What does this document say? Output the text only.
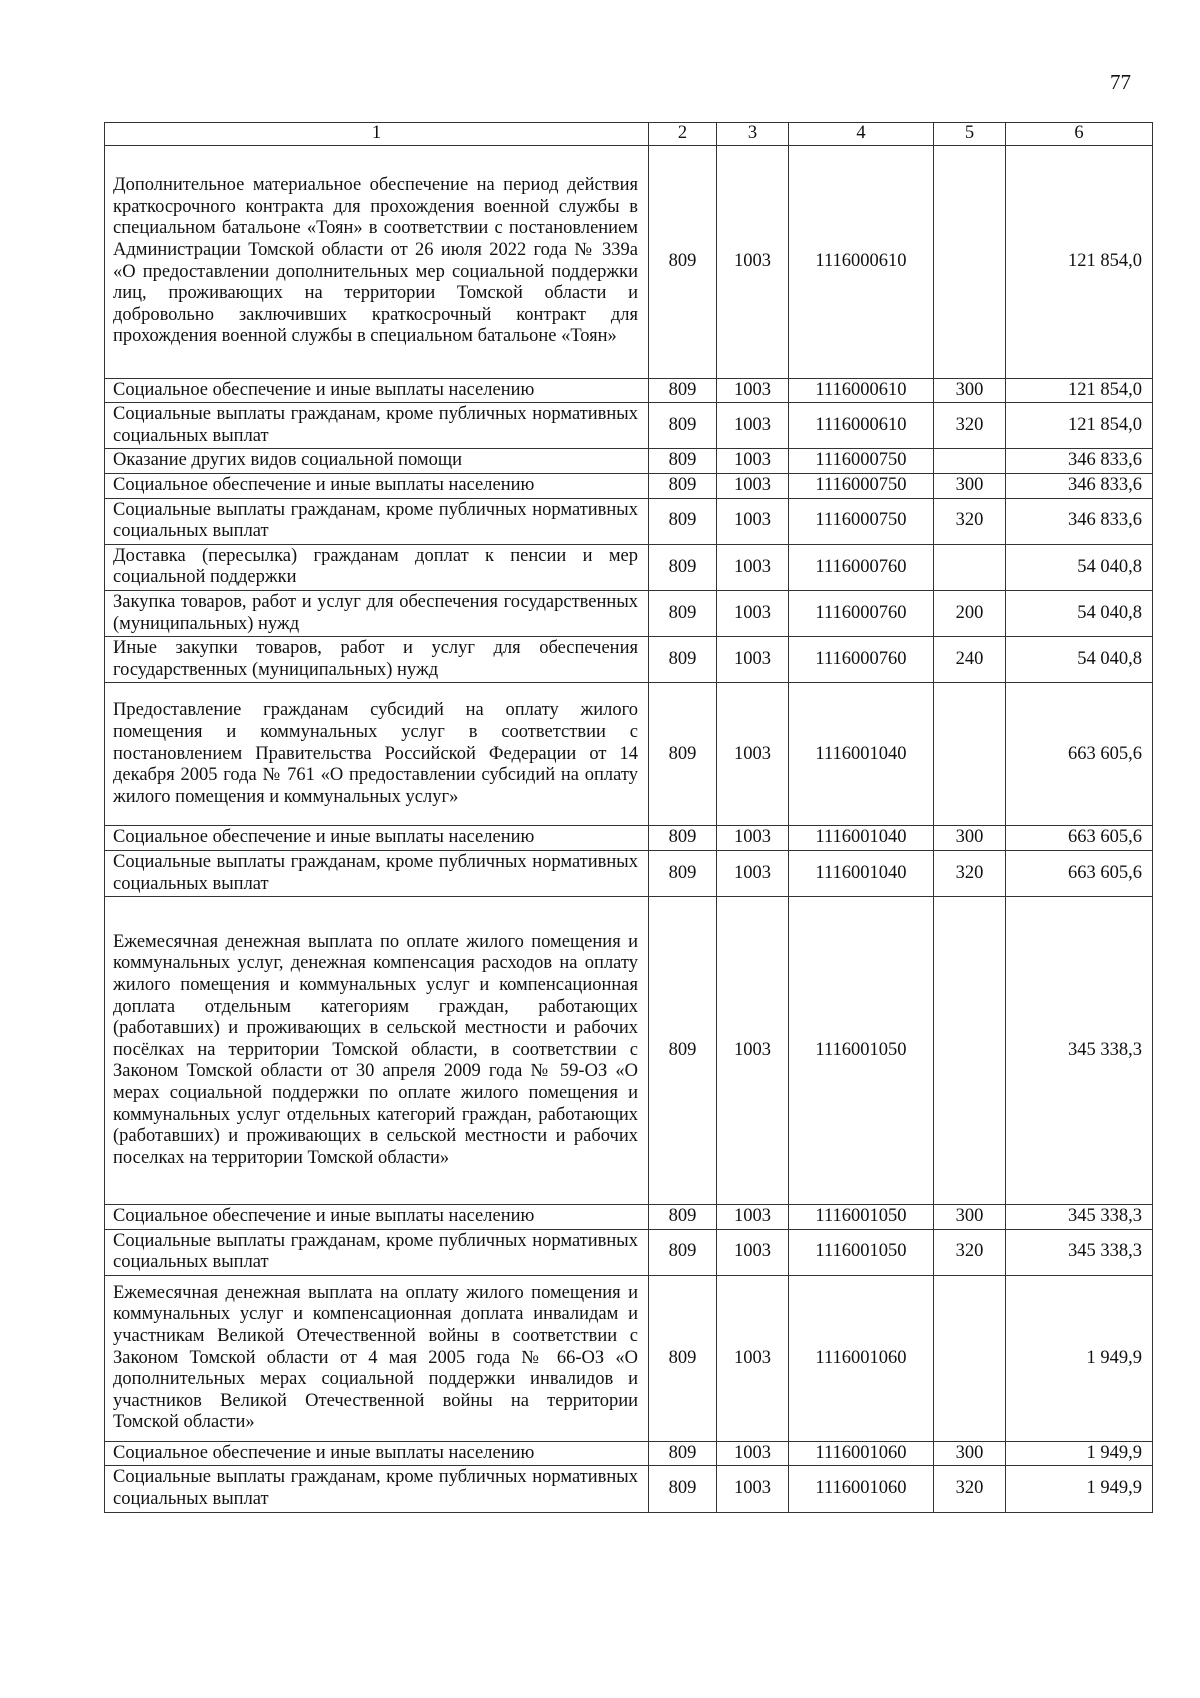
77
1	2	3	4	5	6
Дополнительное материальное обеспечение на период действия краткосрочного контракта для прохождения военной службы в специальном батальоне «Тоян» в соответствии с постановлением Администрации Томской области от 26 июля 2022 года № 339а «О предоставлении дополнительных мер социальной поддержки лиц, проживающих на территории Томской области и добровольно заключивших краткосрочный контракт для прохождения военной службы в специальном батальоне «Тоян»	809	1003	1116000610		121 854,0
Социальное обеспечение и иные выплаты населению	809	1003	1116000610	300	121 854,0
Социальные выплаты гражданам, кроме публичных нормативных социальных выплат	809	1003	1116000610	320	121 854,0
Оказание других видов социальной помощи	809	1003	1116000750		346 833,6
Социальное обеспечение и иные выплаты населению	809	1003	1116000750	300	346 833,6
Социальные выплаты гражданам, кроме публичных нормативных социальных выплат	809	1003	1116000750	320	346 833,6
Доставка (пересылка) гражданам доплат к пенсии и мер социальной поддержки	809	1003	1116000760		54 040,8
Закупка товаров, работ и услуг для обеспечения государственных (муниципальных) нужд	809	1003	1116000760	200	54 040,8
Иные закупки товаров, работ и услуг для обеспечения государственных (муниципальных) нужд	809	1003	1116000760	240	54 040,8
Предоставление гражданам субсидий на оплату жилого помещения и коммунальных услуг в соответствии с постановлением Правительства Российской Федерации от 14 декабря 2005 года № 761 «О предоставлении субсидий на оплату жилого помещения и коммунальных услуг»	809	1003	1116001040		663 605,6
Социальное обеспечение и иные выплаты населению	809	1003	1116001040	300	663 605,6
Социальные выплаты гражданам, кроме публичных нормативных социальных выплат	809	1003	1116001040	320	663 605,6
Ежемесячная денежная выплата по оплате жилого помещения и коммунальных услуг, денежная компенсация расходов на оплату жилого помещения и коммунальных услуг и компенсационная доплата отдельным категориям граждан, работающих (работавших) и проживающих в сельской местности и рабочих посёлках на территории Томской области, в соответствии с Законом Томской области от 30 апреля 2009 года № 59-ОЗ «О мерах социальной поддержки по оплате жилого помещения и коммунальных услуг отдельных категорий граждан, работающих (работавших) и проживающих в сельской местности и рабочих поселках на территории Томской области»	809	1003	1116001050		345 338,3
Социальное обеспечение и иные выплаты населению	809	1003	1116001050	300	345 338,3
Социальные выплаты гражданам, кроме публичных нормативных социальных выплат	809	1003	1116001050	320	345 338,3
Ежемесячная денежная выплата на оплату жилого помещения и коммунальных услуг и компенсационная доплата инвалидам и участникам Великой Отечественной войны в соответствии с Законом Томской области от 4 мая 2005 года № 66-ОЗ «О дополнительных мерах социальной поддержки инвалидов и участников Великой Отечественной войны на территории Томской области»	809	1003	1116001060		1 949,9
Социальное обеспечение и иные выплаты населению	809	1003	1116001060	300	1 949,9
Социальные выплаты гражданам, кроме публичных нормативных социальных выплат	809	1003	1116001060	320	1 949,9
